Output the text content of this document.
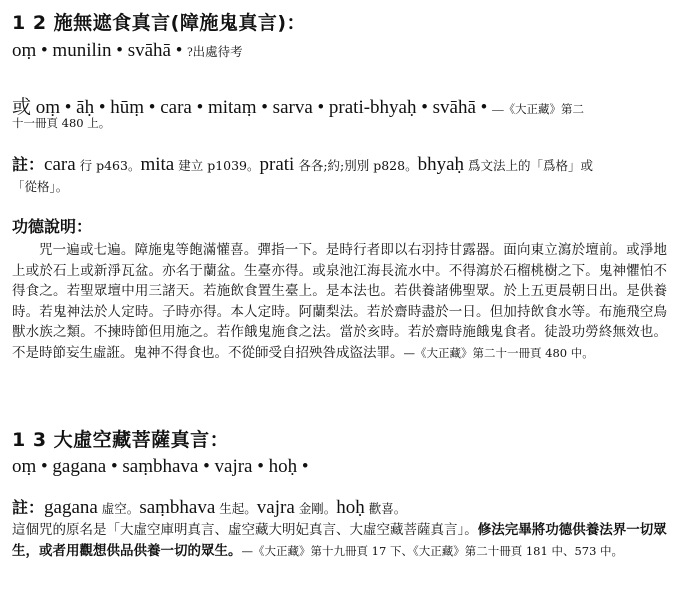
1 2 施無遮食真言(障施鬼真言)：
oṃ • munilin • svāhā • ?出處待考
或 oṃ • āḥ • hūṃ • cara • mitaṃ • sarva • prati-bhyaḥ • svāhā • —《大正藏》第二
十一冊頁 480 上。
註：cara 行 p463。mita 建立 p1039。prati 各各;約;別別 p828。bhyaḥ 爲文法上的「爲格」或
「從格」。
功德說明：
咒一遍或七遍。障施鬼等飽滿懽喜。彈指一下。是時行者即以右羽持甘露器。面向東立瀉於壇前。或淨地上或於石上或新淨瓦盆。亦名于蘭盆。生臺亦得。或泉池江海長流水中。不得瀉於石榴桃樹之下。鬼神懼怕不得食之。若聖眾壇中用三諸天。若施飲食置生臺上。是本法也。若供養諸佛聖眾。於上五更晨朝日出。是供養時。若鬼神法於人定時。子時亦得。本人定時。阿蘭梨法。若於齋時盡於一日。但加持飲食水等。布施飛空鳥獸水族之類。不揀時節但用施之。若作餓鬼施食之法。當於亥時。若於齋時施餓鬼食者。徒設功勞終無效也。不是時節妄生虛誑。鬼神不得食也。不從師受自招殃咎成盜法罪。—《大正藏》第二十一冊頁 480 中。
1 3 大虛空藏菩薩真言：
oṃ • gagana • saṃbhava • vajra • hoḥ •
註：gagana 虛空。saṃbhava 生起。vajra 金剛。hoḥ 歡喜。
這個咒的原名是「大虛空庫明真言、虛空藏大明妃真言、大虛空藏菩薩真言」。修法完畢將功德供養法界一切眾生，或者用觀想供品供養一切的眾生。—《大正藏》第十九冊頁 17 下、《大正藏》第二十冊頁 181 中、573 中。
